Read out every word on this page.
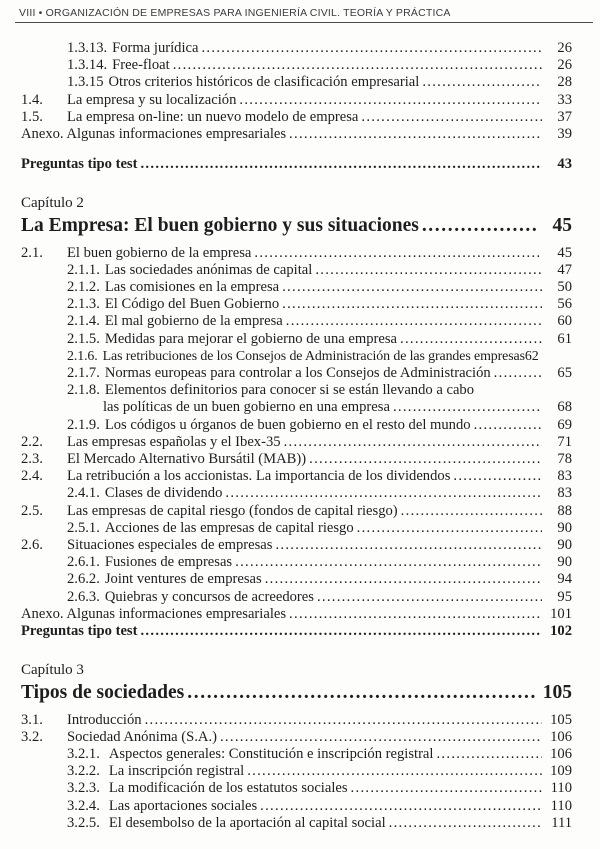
VIII • ORGANIZACIÓN DE EMPRESAS PARA INGENIERÍA CIVIL. TEORÍA Y PRÁCTICA
1.3.13. Forma jurídica .....	26
1.3.14. Free-float .....	26
1.3.15 Otros criterios históricos de clasificación empresarial .....	28
1.4.	La empresa y su localización .....	33
1.5.	La empresa on-line: un nuevo modelo de empresa .....	37
Anexo. Algunas informaciones empresariales .....	39
Preguntas tipo test .....	43
Capítulo 2
La Empresa: El buen gobierno y sus situaciones .....	45
2.1.	El buen gobierno de la empresa .....	45
2.1.1. Las sociedades anónimas de capital .....	47
2.1.2. Las comisiones en la empresa .....	50
2.1.3. El Código del Buen Gobierno .....	56
2.1.4. El mal gobierno de la empresa .....	60
2.1.5. Medidas para mejorar el gobierno de una empresa .....	61
2.1.6. Las retribuciones de los Consejos de Administración de las grandes empresas 62
2.1.7. Normas europeas para controlar a los Consejos de Administración .....	65
2.1.8. Elementos definitorios para conocer si se están llevando a cabo
las políticas de un buen gobierno en una empresa .....	68
2.1.9. Los códigos u órganos de buen gobierno en el resto del mundo .....	69
2.2.	Las empresas españolas y el Ibex-35 .....	71
2.3.	El Mercado Alternativo Bursátil (MAB)) .....	78
2.4.	La retribución a los accionistas. La importancia de los dividendos .....	83
2.4.1. Clases de dividendo .....	83
2.5.	Las empresas de capital riesgo (fondos de capital riesgo) .....	88
2.5.1. Acciones de las empresas de capital riesgo .....	90
2.6.	Situaciones especiales de empresas .....	90
2.6.1. Fusiones de empresas .....	90
2.6.2. Joint ventures de empresas .....	94
2.6.3. Quiebras y concursos de acreedores .....	95
Anexo. Algunas informaciones empresariales .....	101
Preguntas tipo test .....	102
Capítulo 3
Tipos de sociedades .....	105
3.1.	Introducción .....	105
3.2.	Sociedad Anónima (S.A.) .....	106
3.2.1. Aspectos generales: Constitución e inscripción registral .....	106
3.2.2. La inscripción registral .....	109
3.2.3. La modificación de los estatutos sociales .....	110
3.2.4. Las aportaciones sociales .....	110
3.2.5. El desembolso de la aportación al capital social .....	111
